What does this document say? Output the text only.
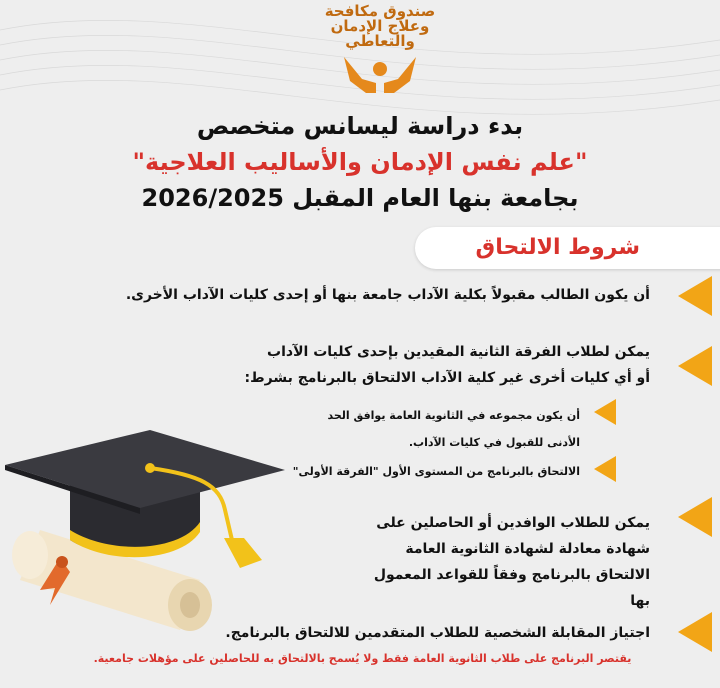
صندوق مكافحة
وعلاج الإدمان
والتعاطي
بدء دراسة ليسانس متخصص
"علم نفس الإدمان والأساليب العلاجية"
بجامعة بنها العام المقبل 2026/2025
شروط الالتحاق
أن يكون الطالب مقبولاً بكلية الآداب جامعة بنها أو إحدى كليات الآداب الأخرى.
يمكن لطلاب الفرقة الثانية المقيدين بإحدى كليات الآداب
أو أي كليات أخرى غير كلية الآداب الالتحاق بالبرنامج بشرط:
أن يكون مجموعه في الثانوية العامة يوافق الحد
الأدنى للقبول في كليات الآداب.
الالتحاق بالبرنامج من المستوى الأول "الفرقة الأولى"
يمكن للطلاب الوافدين أو الحاصلين على
شهادة معادلة لشهادة الثانوية العامة
الالتحاق بالبرنامج وفقاً للقواعد المعمول
بها
اجتياز المقابلة الشخصية للطلاب المتقدمين للالتحاق بالبرنامج.
يقتصر البرنامج على طلاب الثانوية العامة فقط ولا يُسمح بالالتحاق به للحاصلين على مؤهلات جامعية.
